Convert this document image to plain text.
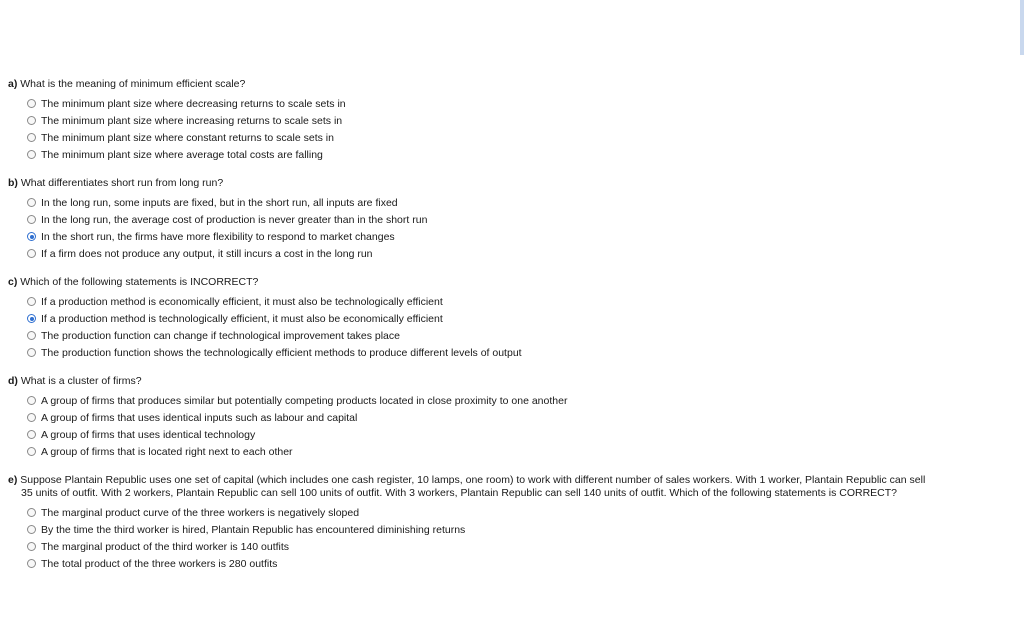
a) What is the meaning of minimum efficient scale?
The minimum plant size where decreasing returns to scale sets in
The minimum plant size where increasing returns to scale sets in
The minimum plant size where constant returns to scale sets in
The minimum plant size where average total costs are falling
b) What differentiates short run from long run?
In the long run, some inputs are fixed, but in the short run, all inputs are fixed
In the long run, the average cost of production is never greater than in the short run
In the short run, the firms have more flexibility to respond to market changes
If a firm does not produce any output, it still incurs a cost in the long run
c) Which of the following statements is INCORRECT?
If a production method is economically efficient, it must also be technologically efficient
If a production method is technologically efficient, it must also be economically efficient
The production function can change if technological improvement takes place
The production function shows the technologically efficient methods to produce different levels of output
d) What is a cluster of firms?
A group of firms that produces similar but potentially competing products located in close proximity to one another
A group of firms that uses identical inputs such as labour and capital
A group of firms that uses identical technology
A group of firms that is located right next to each other
e) Suppose Plantain Republic uses one set of capital (which includes one cash register, 10 lamps, one room) to work with different number of sales workers. With 1 worker, Plantain Republic can sell
35 units of outfit. With 2 workers, Plantain Republic can sell 100 units of outfit. With 3 workers, Plantain Republic can sell 140 units of outfit. Which of the following statements is CORRECT?
The marginal product curve of the three workers is negatively sloped
By the time the third worker is hired, Plantain Republic has encountered diminishing returns
The marginal product of the third worker is 140 outfits
The total product of the three workers is 280 outfits
